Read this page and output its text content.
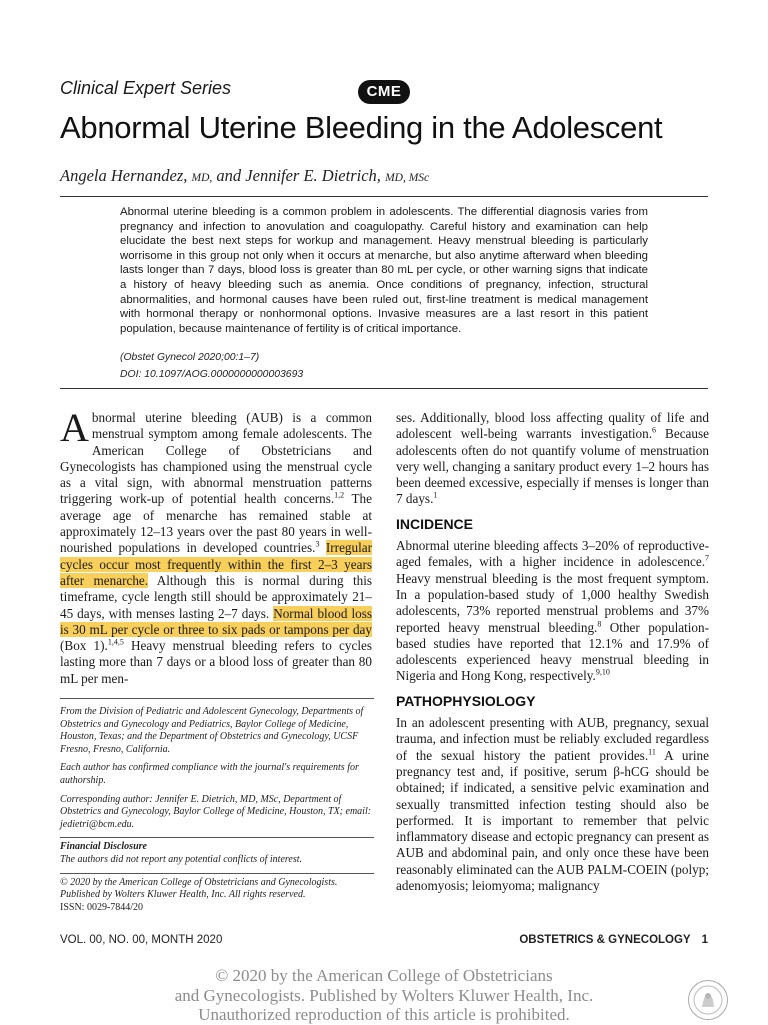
Clinical Expert Series	CME
Abnormal Uterine Bleeding in the Adolescent
Angela Hernandez, MD, and Jennifer E. Dietrich, MD, MSc
Abnormal uterine bleeding is a common problem in adolescents. The differential diagnosis varies from pregnancy and infection to anovulation and coagulopathy. Careful history and examination can help elucidate the best next steps for workup and management. Heavy menstrual bleeding is particularly worrisome in this group not only when it occurs at menarche, but also anytime afterward when bleeding lasts longer than 7 days, blood loss is greater than 80 mL per cycle, or other warning signs that indicate a history of heavy bleeding such as anemia. Once conditions of pregnancy, infection, structural abnormalities, and hormonal causes have been ruled out, first-line treatment is medical management with hormonal therapy or nonhormonal options. Invasive measures are a last resort in this patient population, because maintenance of fertility is of critical importance.
(Obstet Gynecol 2020;00:1–7)
DOI: 10.1097/AOG.0000000000003693

Abnormal uterine bleeding (AUB) is a common menstrual symptom among female adolescents. The American College of Obstetricians and Gynecologists has championed using the menstrual cycle as a vital sign, with abnormal menstruation patterns triggering work-up of potential health concerns.$^{1,2}$ The average age of menarche has remained stable at approximately 12–13 years over the past 80 years in well-nourished populations in developed countries.$^3$ Irregular cycles occur most frequently within the first 2–3 years after menarche. Although this is normal during this timeframe, cycle length still should be approximately 21–45 days, with menses lasting 2–7 days. Normal blood loss is 30 mL per cycle or three to six pads or tampons per day (Box 1).$^{1,4,5}$ Heavy menstrual bleeding refers to cycles lasting more than 7 days or a blood loss of greater than 80 mL per men-

From the Division of Pediatric and Adolescent Gynecology, Departments of Obstetrics and Gynecology and Pediatrics, Baylor College of Medicine, Houston, Texas; and the Department of Obstetrics and Gynecology, UCSF Fresno, Fresno, California.

Each author has confirmed compliance with the journal's requirements for authorship.

Corresponding author: Jennifer E. Dietrich, MD, MSc, Department of Obstetrics and Gynecology, Baylor College of Medicine, Houston, TX; email: jedietri@bcm.edu.

Financial Disclosure

The authors did not report any potential conflicts of interest.

© 2020 by the American College of Obstetricians and Gynecologists. Published by Wolters Kluwer Health, Inc. All rights reserved.

ISSN: 0029-7844/20

ses. Additionally, blood loss affecting quality of life and adolescent well-being warrants investigation.$^6$ Because adolescents often do not quantify volume of menstruation very well, changing a sanitary product every 1–2 hours has been deemed excessive, especially if menses is longer than 7 days.$^1$

INCIDENCE

Abnormal uterine bleeding affects 3–20% of reproductive-aged females, with a higher incidence in adolescence.$^7$ Heavy menstrual bleeding is the most frequent symptom. In a population-based study of 1,000 healthy Swedish adolescents, 73% reported menstrual problems and 37% reported heavy menstrual bleeding.$^8$ Other population-based studies have reported that 12.1% and 17.9% of adolescents experienced heavy menstrual bleeding in Nigeria and Hong Kong, respectively.$^{9,10}$

PATHOPHYSIOLOGY

In an adolescent presenting with AUB, pregnancy, sexual trauma, and infection must be reliably excluded regardless of the sexual history the patient provides.$^{11}$ A urine pregnancy test and, if positive, serum β-hCG should be obtained; if indicated, a sensitive pelvic examination and sexually transmitted infection testing should also be performed. It is important to remember that pelvic inflammatory disease and ectopic pregnancy can present as AUB and abdominal pain, and only once these have been reasonably eliminated can the AUB PALM-COEIN (polyp; adenomyosis; leiomyoma; malignancy

VOL. 00, NO. 00, MONTH 2020	OBSTETRICS & GYNECOLOGY 1
© 2020 by the American College of Obstetricians
and Gynecologists. Published by Wolters Kluwer Health, Inc.
Unauthorized reproduction of this article is prohibited.
